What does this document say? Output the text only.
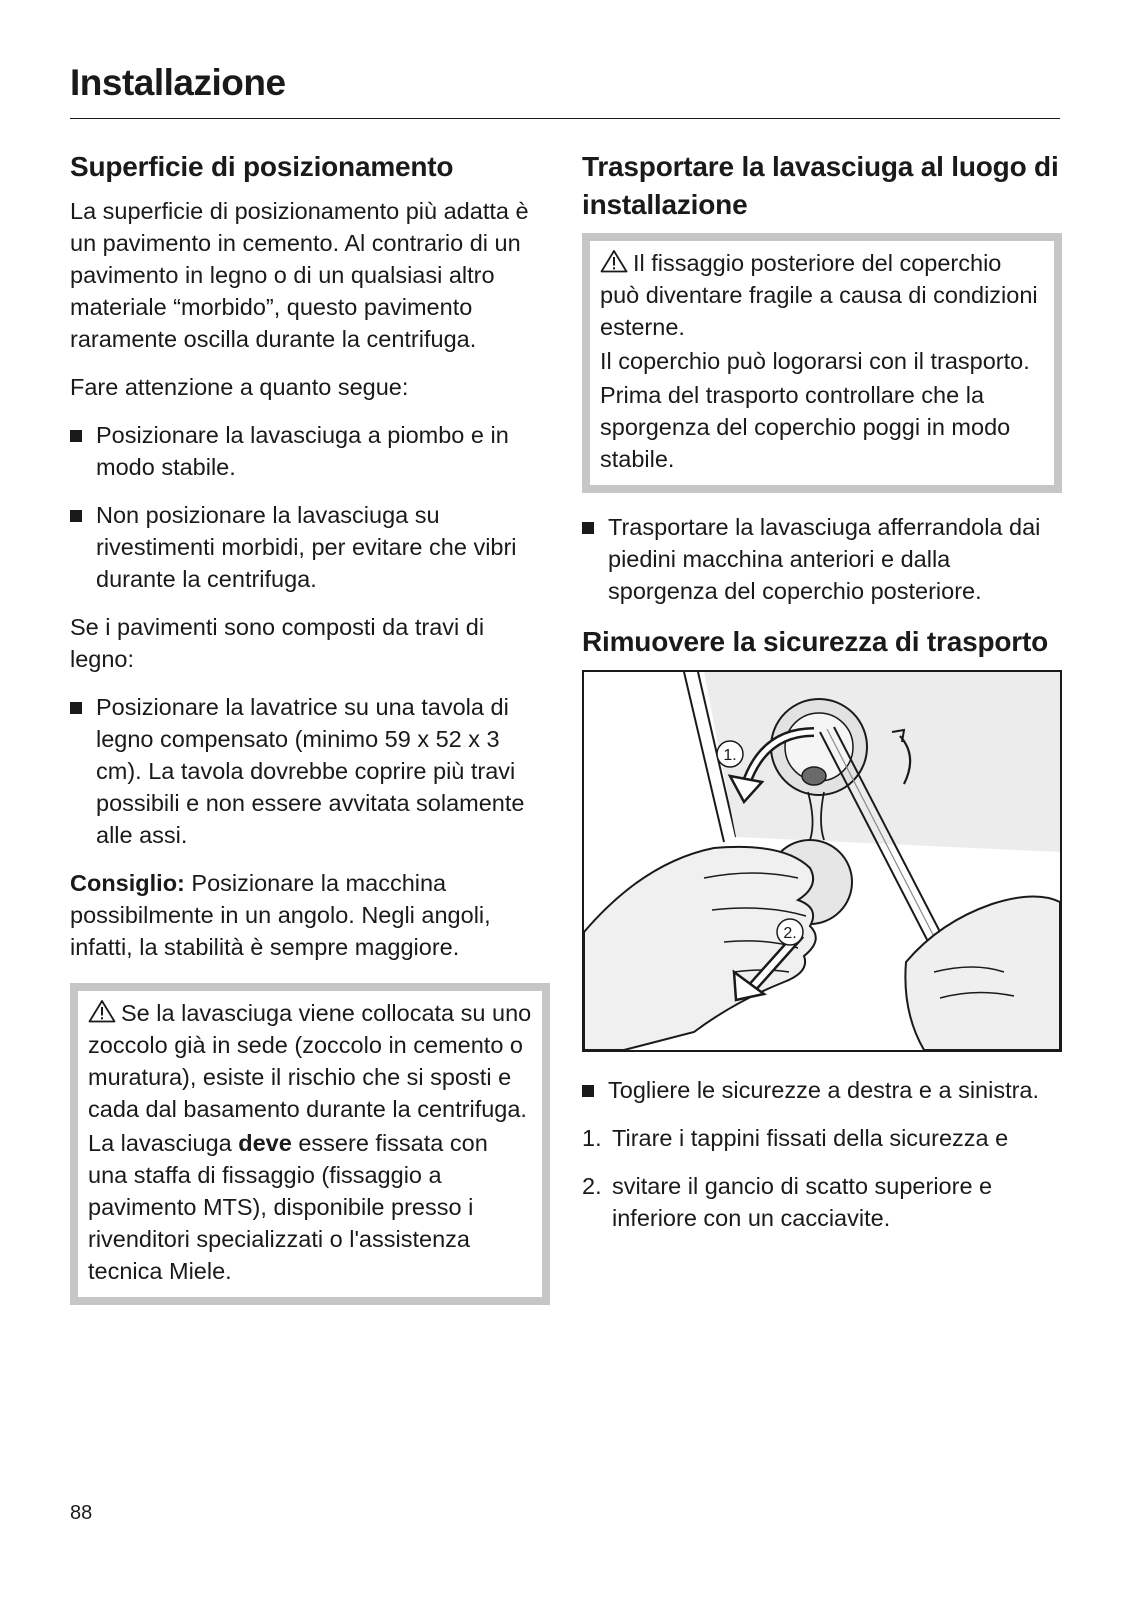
Installazione
Superficie di posizionamento

La superficie di posizionamento più adatta è un pavimento in cemento. Al contrario di un pavimento in legno o di un qualsiasi altro materiale “morbido”, questo pavimento raramente oscilla durante la centrifuga.

Fare attenzione a quanto segue:

Posizionare la lavasciuga a piombo e in modo stabile.
Non posizionare la lavasciuga su rivestimenti morbidi, per evitare che vibri durante la centrifuga.

Se i pavimenti sono composti da travi di legno:

Posizionare la lavatrice su una tavola di legno compensato (minimo 59 x 52 x 3 cm). La tavola dovrebbe coprire più travi possibili e non essere avvitata solamente alle assi.

Consiglio: Posizionare la macchina possibilmente in un angolo. Negli angoli, infatti, la stabilità è sempre maggiore.

Se la lavasciuga viene collocata su uno zoccolo già in sede (zoccolo in cemento o muratura), esiste il rischio che si sposti e cada dal basamento durante la centrifuga.

La lavasciuga deve essere fissata con una staffa di fissaggio (fissaggio a pavimento MTS), disponibile presso i rivenditori specializzati o l'assistenza tecnica Miele.

Trasportare la lavasciuga al luogo di installazione

Il fissaggio posteriore del coperchio può diventare fragile a causa di condizioni esterne.

Il coperchio può logorarsi con il trasporto.

Prima del trasporto controllare che la sporgenza del coperchio poggi in modo stabile.

Trasportare la lavasciuga afferrandola dai piedini macchina anteriori e dalla sporgenza del coperchio posteriore.
Rimuovere la sicurezza di trasporto
1.
2.
Togliere le sicurezze a destra e a sinistra.
1. Tirare i tappini fissati della sicurezza e
2. svitare il gancio di scatto superiore e inferiore con un cacciavite.
88
